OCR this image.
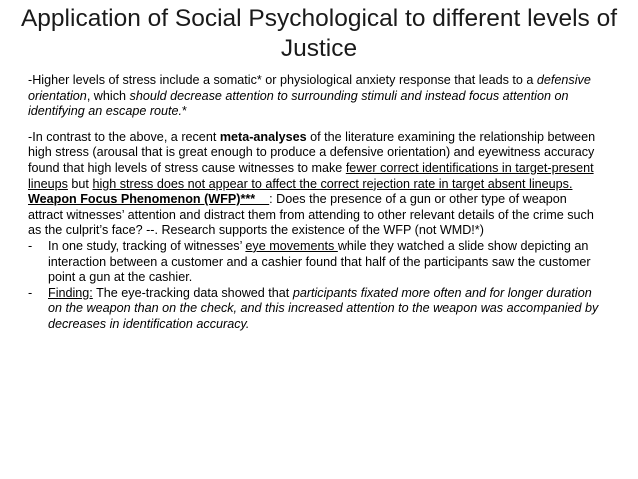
Application of Social Psychological to different levels of Justice

-Higher levels of stress include a somatic* or physiological anxiety response that leads to a defensive orientation, which should decrease attention to surrounding stimuli and instead focus attention on identifying an escape route.*

-In contrast to the above, a recent meta-analyses of the literature examining the relationship between high stress (arousal that is great enough to produce a defensive orientation) and eyewitness accuracy found that high levels of stress cause witnesses to make fewer correct identifications in target-present lineups but high stress does not appear to affect the correct rejection rate in target absent lineups.

Weapon Focus Phenomenon (WFP)***    : Does the presence of a gun or other type of weapon attract witnesses’ attention and distract them from attending to other relevant details of the crime such as the culprit’s face? --. Research supports the existence of the WFP (not WMD!*)

-	In one study, tracking of witnesses’ eye movements while they watched a slide show depicting an interaction between a customer and a cashier found that half of the participants saw the customer point a gun at the cashier.
-	Finding: The eye-tracking data showed that participants fixated more often and for longer duration on the weapon than on the check, and this increased attention to the weapon was accompanied by decreases in identification accuracy.
